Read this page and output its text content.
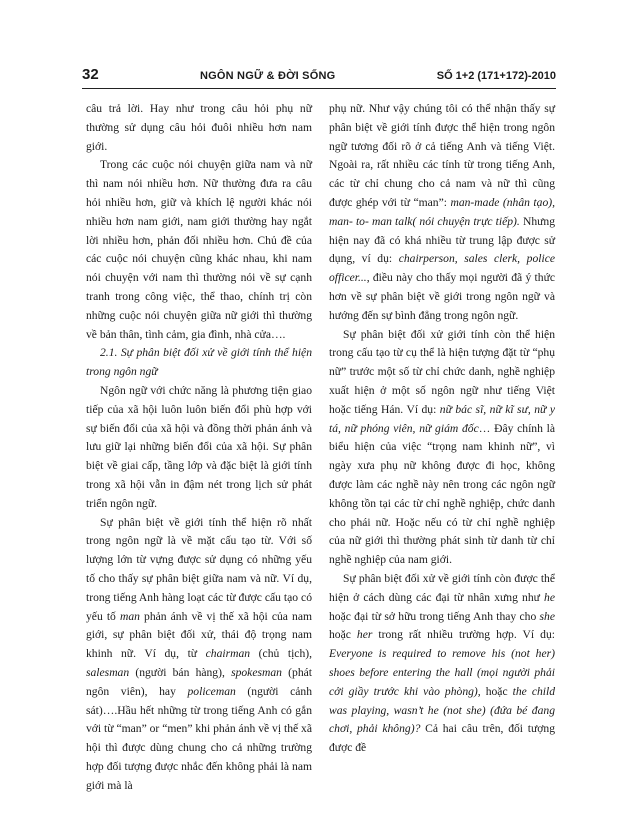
32	NGÔN NGỮ & ĐỜI SỐNG	SỐ 1+2 (171+172)-2010

câu trả lời. Hay như trong câu hỏi phụ nữ thường sử dụng câu hỏi đuôi nhiều hơn nam giới.

Trong các cuộc nói chuyện giữa nam và nữ thì nam nói nhiều hơn. Nữ thường đưa ra câu hỏi nhiều hơn, giữ và khích lệ người khác nói nhiều hơn nam giới, nam giới thường hay ngắt lời nhiều hơn, phản đối nhiều hơn. Chủ đề của các cuộc nói chuyện cũng khác nhau, khi nam nói chuyện với nam thì thường nói về sự cạnh tranh trong công việc, thể thao, chính trị còn những cuộc nói chuyện giữa nữ giới thì thường về bản thân, tình cảm, gia đình, nhà cửa….

2.1. Sự phân biệt đối xử về giới tính thể hiện trong ngôn ngữ

Ngôn ngữ với chức năng là phương tiện giao tiếp của xã hội luôn luôn biến đổi phù hợp với sự biến đổi của xã hội và đồng thời phản ánh và lưu giữ lại những biến đổi của xã hội. Sự phân biệt về giai cấp, tầng lớp và đặc biệt là giới tính trong xã hội vẫn in đậm nét trong lịch sử phát triển ngôn ngữ.

Sự phân biệt về giới tính thể hiện rõ nhất trong ngôn ngữ là về mặt cấu tạo từ. Với số lượng lớn từ vựng được sử dụng có những yếu tố cho thấy sự phân biệt giữa nam và nữ. Ví dụ, trong tiếng Anh hàng loạt các từ được cấu tạo có yếu tố man phản ánh về vị thế xã hội của nam giới, sự phân biệt đối xử, thái độ trọng nam khinh nữ. Ví dụ, từ chairman (chủ tịch), salesman (người bán hàng), spokesman (phát ngôn viên), hay policeman (người cảnh sát)….Hầu hết những từ trong tiếng Anh có gắn với từ “man” or “men” khi phản ánh về vị thế xã hội thì được dùng chung cho cả những trường hợp đối tượng được nhắc đến không phải là nam giới mà là

phụ nữ. Như vậy chúng tôi có thể nhận thấy sự phân biệt về giới tính được thể hiện trong ngôn ngữ tương đối rõ ở cả tiếng Anh và tiếng Việt. Ngoài ra, rất nhiều các tính từ trong tiếng Anh, các từ chỉ chung cho cả nam và nữ thì cũng được ghép với từ “man”: man-made (nhân tạo), man- to- man talk( nói chuyện trực tiếp). Nhưng hiện nay đã có khá nhiều từ trung lập được sử dụng, ví dụ: chairperson, sales clerk, police officer..., điều này cho thấy mọi người đã ý thức hơn về sự phân biệt về giới trong ngôn ngữ và hướng đến sự bình đẳng trong ngôn ngữ.

Sự phân biệt đối xử giới tính còn thể hiện trong cấu tạo từ cụ thể là hiện tượng đặt từ “phụ nữ” trước một số từ chỉ chức danh, nghề nghiệp xuất hiện ở một số ngôn ngữ như tiếng Việt hoặc tiếng Hán. Ví dụ: nữ bác sĩ, nữ kĩ sư, nữ y tá, nữ phóng viên, nữ giám đốc… Đây chính là biểu hiện của việc “trọng nam khinh nữ”, vì ngày xưa phụ nữ không được đi học, không được làm các nghề này nên trong các ngôn ngữ không tồn tại các từ chỉ nghề nghiệp, chức danh cho phái nữ. Hoặc nếu có từ chỉ nghề nghiệp của nữ giới thì thường phát sinh từ danh từ chỉ nghề nghiệp của nam giới.

Sự phân biệt đối xử về giới tính còn được thể hiện ở cách dùng các đại từ nhân xưng như he hoặc đại từ sở hữu trong tiếng Anh thay cho she hoặc her trong rất nhiều trường hợp. Ví dụ: Everyone is required to remove his (not her) shoes before entering the hall (mọi người phải cởi giầy trước khi vào phòng), hoặc the child was playing, wasn’t he (not she) (đứa bé đang chơi, phải không)? Cả hai câu trên, đối tượng được đề
